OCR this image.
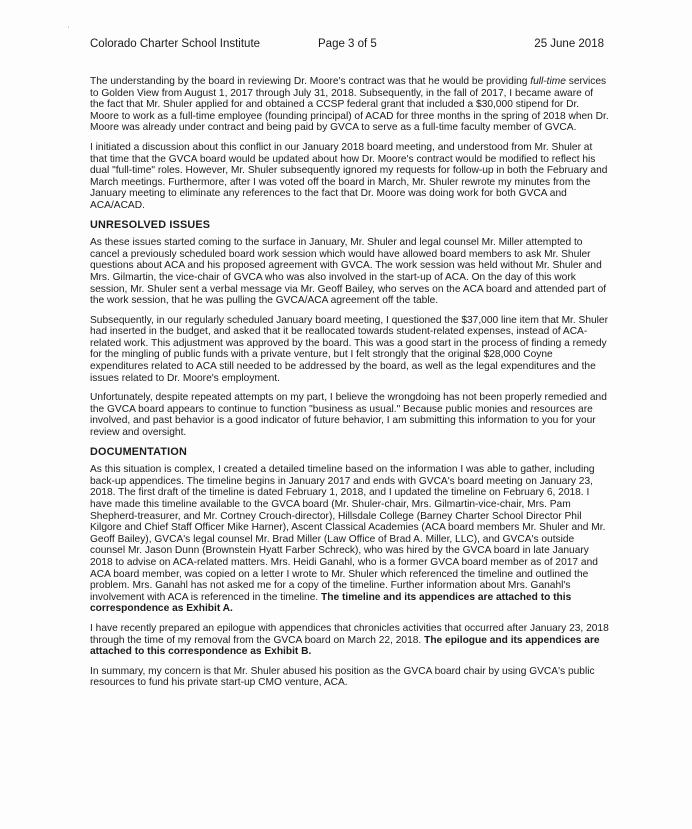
ʼ
Colorado Charter School Institute	Page 3 of 5	25 June 2018

The understanding by the board in reviewing Dr. Moore's contract was that he would be providing full-time services to Golden View from August 1, 2017 through July 31, 2018. Subsequently, in the fall of 2017, I became aware of the fact that Mr. Shuler applied for and obtained a CCSP federal grant that included a $30,000 stipend for Dr. Moore to work as a full-time employee (founding principal) of ACAD for three months in the spring of 2018 when Dr. Moore was already under contract and being paid by GVCA to serve as a full-time faculty member of GVCA.

I initiated a discussion about this conflict in our January 2018 board meeting, and understood from Mr. Shuler at that time that the GVCA board would be updated about how Dr. Moore's contract would be modified to reflect his dual "full-time" roles. However, Mr. Shuler subsequently ignored my requests for follow-up in both the February and March meetings. Furthermore, after I was voted off the board in March, Mr. Shuler rewrote my minutes from the January meeting to eliminate any references to the fact that Dr. Moore was doing work for both GVCA and ACA/ACAD.

UNRESOLVED ISSUES

As these issues started coming to the surface in January, Mr. Shuler and legal counsel Mr. Miller attempted to cancel a previously scheduled board work session which would have allowed board members to ask Mr. Shuler questions about ACA and his proposed agreement with GVCA. The work session was held without Mr. Shuler and Mrs. Gilmartin, the vice-chair of GVCA who was also involved in the start-up of ACA. On the day of this work session, Mr. Shuler sent a verbal message via Mr. Geoff Bailey, who serves on the ACA board and attended part of the work session, that he was pulling the GVCA/ACA agreement off the table.

Subsequently, in our regularly scheduled January board meeting, I questioned the $37,000 line item that Mr. Shuler had inserted in the budget, and asked that it be reallocated towards student-related expenses, instead of ACA-related work. This adjustment was approved by the board. This was a good start in the process of finding a remedy for the mingling of public funds with a private venture, but I felt strongly that the original $28,000 Coyne expenditures related to ACA still needed to be addressed by the board, as well as the legal expenditures and the issues related to Dr. Moore's employment.

Unfortunately, despite repeated attempts on my part, I believe the wrongdoing has not been properly remedied and the GVCA board appears to continue to function "business as usual." Because public monies and resources are involved, and past behavior is a good indicator of future behavior, I am submitting this information to you for your review and oversight.

DOCUMENTATION

As this situation is complex, I created a detailed timeline based on the information I was able to gather, including back-up appendices. The timeline begins in January 2017 and ends with GVCA's board meeting on January 23, 2018. The first draft of the timeline is dated February 1, 2018, and I updated the timeline on February 6, 2018. I have made this timeline available to the GVCA board (Mr. Shuler-chair, Mrs. Gilmartin-vice-chair, Mrs. Pam Shepherd-treasurer, and Mr. Cortney Crouch-director), Hillsdale College (Barney Charter School Director Phil Kilgore and Chief Staff Officer Mike Harner), Ascent Classical Academies (ACA board members Mr. Shuler and Mr. Geoff Bailey), GVCA's legal counsel Mr. Brad Miller (Law Office of Brad A. Miller, LLC), and GVCA's outside counsel Mr. Jason Dunn (Brownstein Hyatt Farber Schreck), who was hired by the GVCA board in late January 2018 to advise on ACA-related matters. Mrs. Heidi Ganahl, who is a former GVCA board member as of 2017 and ACA board member, was copied on a letter I wrote to Mr. Shuler which referenced the timeline and outlined the problem. Mrs. Ganahl has not asked me for a copy of the timeline. Further information about Mrs. Ganahl's involvement with ACA is referenced in the timeline. The timeline and its appendices are attached to this correspondence as Exhibit A.

I have recently prepared an epilogue with appendices that chronicles activities that occurred after January 23, 2018 through the time of my removal from the GVCA board on March 22, 2018. The epilogue and its appendices are attached to this correspondence as Exhibit B.

In summary, my concern is that Mr. Shuler abused his position as the GVCA board chair by using GVCA's public resources to fund his private start-up CMO venture, ACA.
